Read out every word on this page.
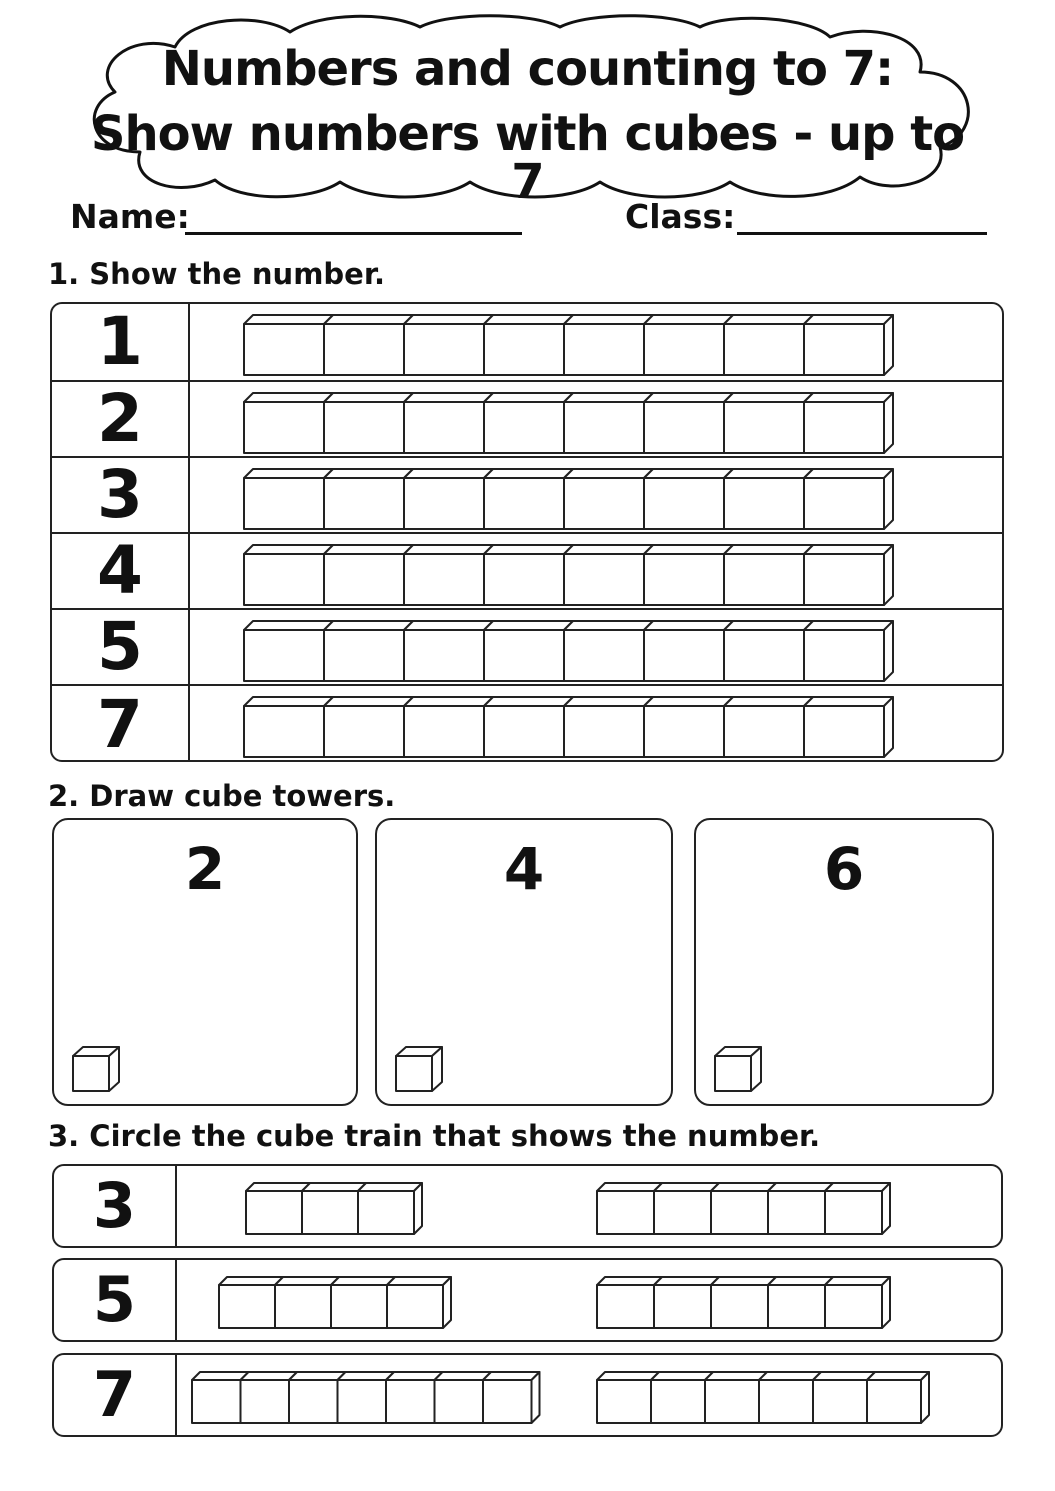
Numbers and counting to 7:
Show numbers with cubes - up to 7
Name:	Class:
1. Show the number.
1
2
3
4
5
7
2. Draw cube towers.
2	4	6
3. Circle the cube train that shows the number.
3
5
7
